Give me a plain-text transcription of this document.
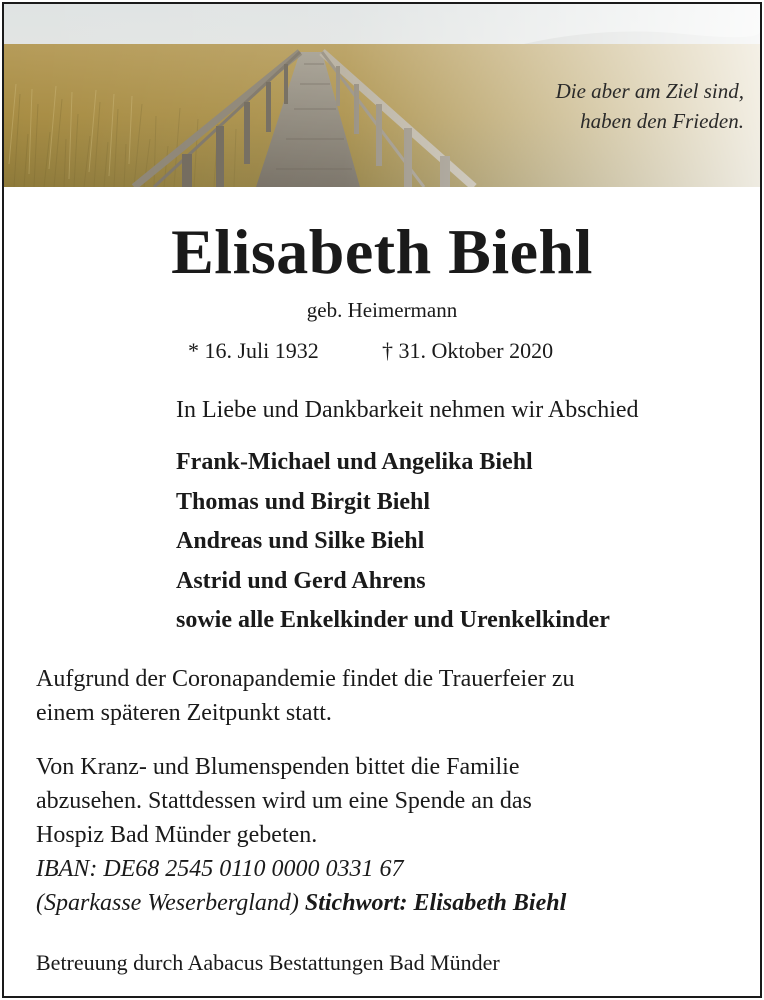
Die aber am Ziel sind,
haben den Frieden.
Elisabeth Biehl
geb. Heimermann
* 16. Juli 1932	† 31. Oktober 2020
In Liebe und Dankbarkeit nehmen wir Abschied
Frank-Michael und Angelika Biehl
Thomas und Birgit Biehl
Andreas und Silke Biehl
Astrid und Gerd Ahrens
sowie alle Enkelkinder und Urenkelkinder
Aufgrund der Coronapandemie findet die Trauerfeier zu
einem späteren Zeitpunkt statt.
Von Kranz- und Blumenspenden bittet die Familie
abzusehen. Stattdessen wird um eine Spende an das
Hospiz Bad Münder gebeten.
IBAN: DE68 2545 0110 0000 0331 67
(Sparkasse Weserbergland) Stichwort: Elisabeth Biehl
Betreuung durch Aabacus Bestattungen Bad Münder
